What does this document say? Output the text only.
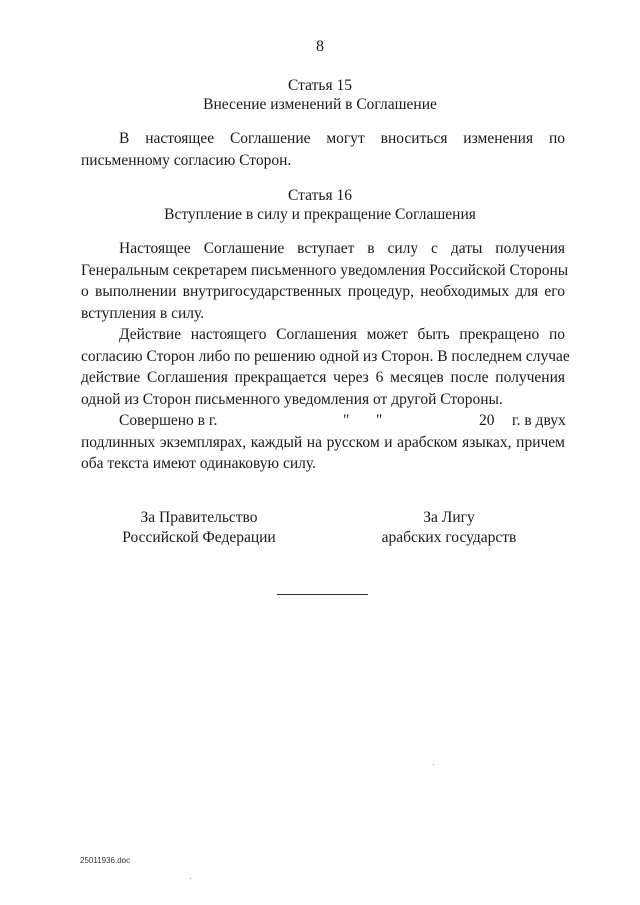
8
Статья 15
Внесение изменений в Соглашение
В настоящее Соглашение могут вноситься изменения по
письменному согласию Сторон.
Статья 16
Вступление в силу и прекращение Соглашения
Настоящее Соглашение вступает в силу с даты получения
Генеральным секретарем письменного уведомления Российской Стороны
о выполнении внутригосударственных процедур, необходимых для его
вступления в силу.
Действие настоящего Соглашения может быть прекращено по
согласию Сторон либо по решению одной из Сторон. В последнем случае
действие Соглашения прекращается через 6 месяцев после получения
одной из Сторон письменного уведомления от другой Стороны.
Совершено в г.	" "	20 г. в двух
подлинных экземплярах, каждый на русском и арабском языках, причем
оба текста имеют одинаковую силу.
За Правительство
Российской Федерации
За Лигу
арабских государств
25011936.doc
